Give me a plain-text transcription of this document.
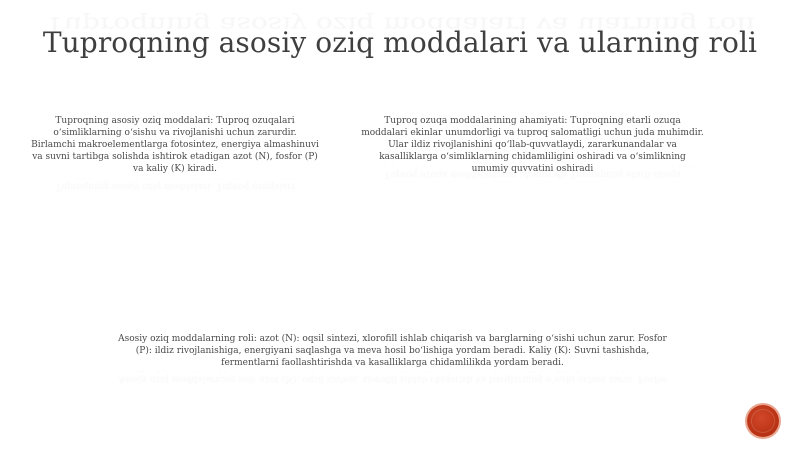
Tuproqning asosiy oziq moddalari va ularning roli
Tuproqning asosiy oziq moddalari: Tuproq ozuqalari o‘simliklarning o‘sishu va rivojlanishi uchun zarurdir. Birlamchi makroelementlarga fotosintez, energiya almashinuvi va suvni tartibga solishda ishtirok etadigan azot (N), fosfor (P) va kaliy (K) kiradi.
Tuproq ozuqa moddalarining ahamiyati: Tuproqning etarli ozuqa moddalari ekinlar unumdorligi va tuproq salomatligi uchun juda muhimdir. Ular ildiz rivojlanishini qo‘llab-quvvatlaydi, zararkunandalar va kasalliklarga o‘simliklarning chidamliligini oshiradi va o‘simlikning umumiy quvvatini oshiradi
Asosiy oziq moddalarning roli: azot (N): oqsil sintezi, xlorofill ishlab chiqarish va barglarning o‘sishi uchun zarur. Fosfor (P): ildiz rivojlanishiga, energiyani saqlashga va meva hosil bo‘lishiga yordam beradi. Kaliy (K): Suvni tashishda, fermentlarni faollashtirishda va kasalliklarga chidamlilikda yordam beradi.
